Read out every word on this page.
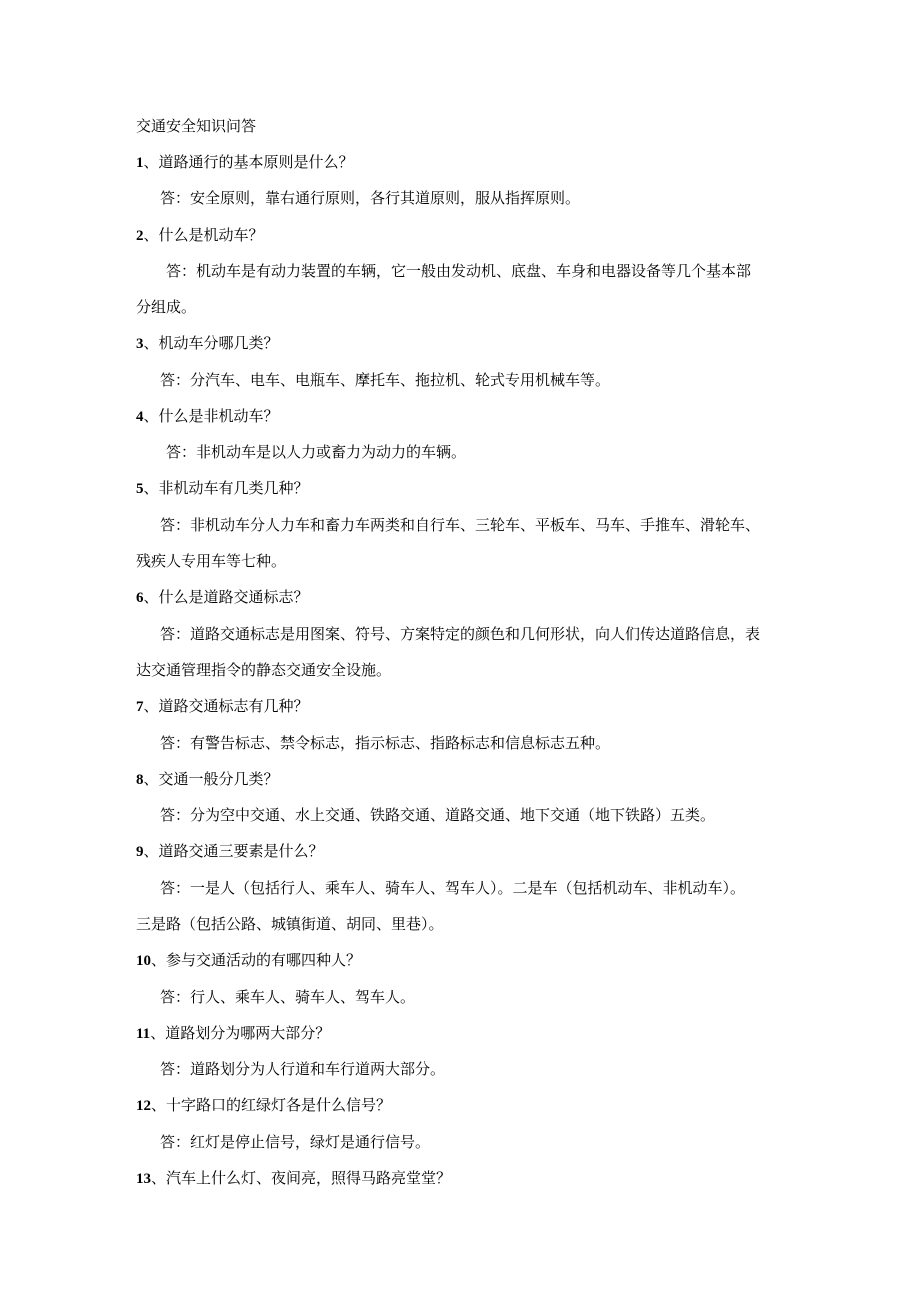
交通安全知识问答

1、道路通行的基本原则是什么？

答：安全原则，靠右通行原则，各行其道原则，服从指挥原则。

2、什么是机动车？

答：机动车是有动力装置的车辆，它一般由发动机、底盘、车身和电器设备等几个基本部

分组成。

3、机动车分哪几类？

答：分汽车、电车、电瓶车、摩托车、拖拉机、轮式专用机械车等。

4、什么是非机动车？

答：非机动车是以人力或畜力为动力的车辆。

5、非机动车有几类几种？

答：非机动车分人力车和畜力车两类和自行车、三轮车、平板车、马车、手推车、滑轮车、

残疾人专用车等七种。

6、什么是道路交通标志？

答：道路交通标志是用图案、符号、方案特定的颜色和几何形状，向人们传达道路信息，表

达交通管理指令的静态交通安全设施。

7、道路交通标志有几种？

答：有警告标志、禁令标志，指示标志、指路标志和信息标志五种。

8、交通一般分几类？

答：分为空中交通、水上交通、铁路交通、道路交通、地下交通（地下铁路）五类。

9、道路交通三要素是什么？

答：一是人（包括行人、乘车人、骑车人、驾车人）。二是车（包括机动车、非机动车）。

三是路（包括公路、城镇街道、胡同、里巷）。

10、参与交通活动的有哪四种人？

答：行人、乘车人、骑车人、驾车人。

11、道路划分为哪两大部分？

答：道路划分为人行道和车行道两大部分。

12、十字路口的红绿灯各是什么信号？

答：红灯是停止信号，绿灯是通行信号。

13、汽车上什么灯、夜间亮，照得马路亮堂堂？
